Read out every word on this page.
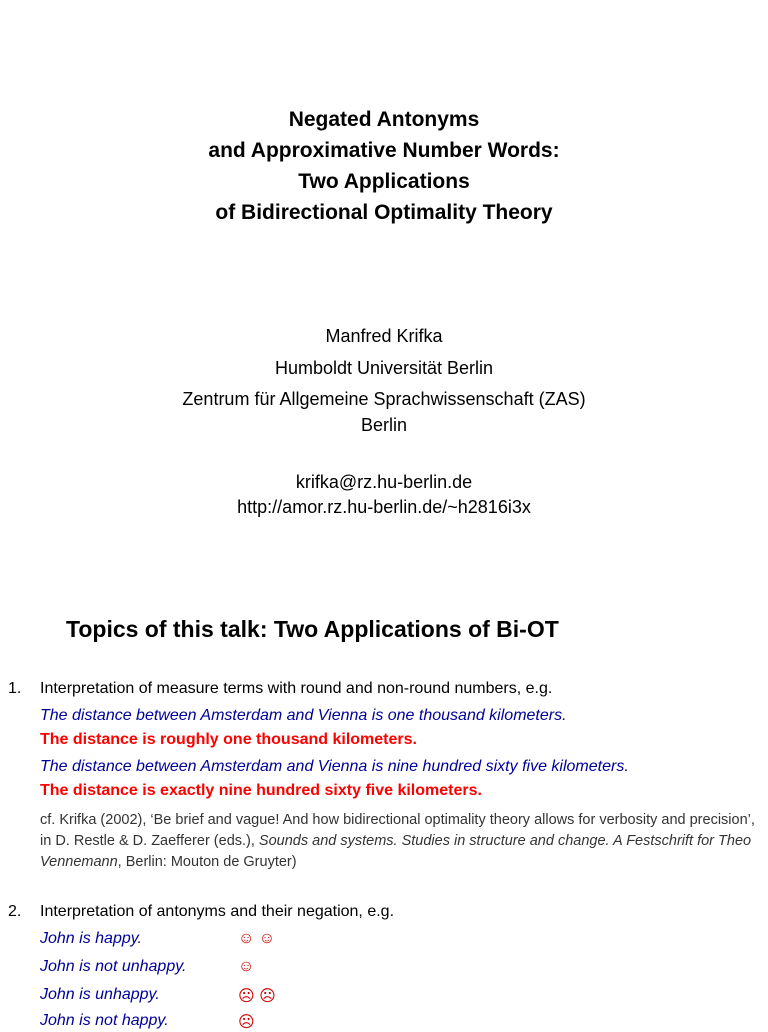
Negated Antonyms
and Approximative Number Words:
Two Applications
of Bidirectional Optimality Theory
Manfred Krifka
Humboldt Universität Berlin
Zentrum für Allgemeine Sprachwissenschaft (ZAS)
Berlin
krifka@rz.hu-berlin.de
http://amor.rz.hu-berlin.de/~h2816i3x
Topics of this talk: Two Applications of Bi-OT
1. Interpretation of measure terms with round and non-round numbers, e.g.
The distance between Amsterdam and Vienna is one thousand kilometers.
The distance is roughly one thousand kilometers.
The distance between Amsterdam and Vienna is nine hundred sixty five kilometers.
The distance is exactly nine hundred sixty five kilometers.
cf. Krifka (2002), ‘Be brief and vague! And how bidirectional optimality theory allows for verbosity and precision’, in D. Restle & D. Zaefferer (eds.), Sounds and systems. Studies in structure and change. A Festschrift for Theo Vennemann, Berlin: Mouton de Gruyter)
2. Interpretation of antonyms and their negation, e.g.
John is happy.	☺ ☺
John is not unhappy.	☺
John is unhappy.	☹ ☹
John is not happy.	☹
